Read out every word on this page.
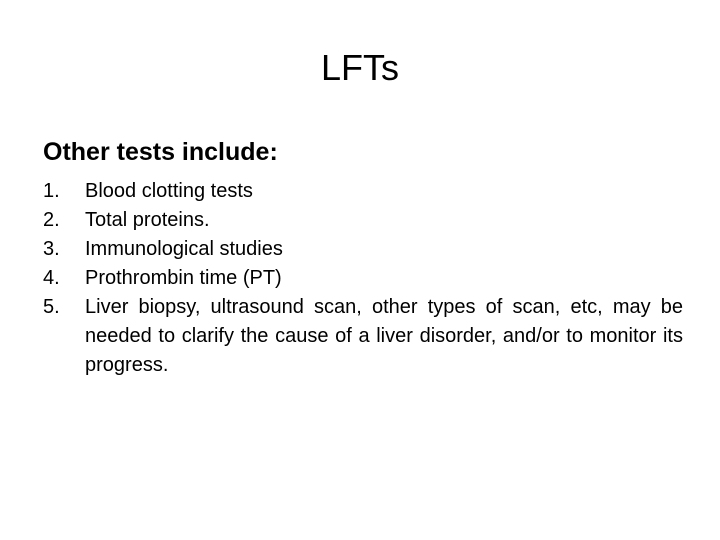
LFTs
Other tests include:
1.	Blood clotting tests
2.	Total proteins.
3.	Immunological studies
4.	Prothrombin time (PT)
5.	Liver biopsy, ultrasound scan, other types of scan, etc, may be needed to clarify the cause of a liver disorder, and/or to monitor its progress.
